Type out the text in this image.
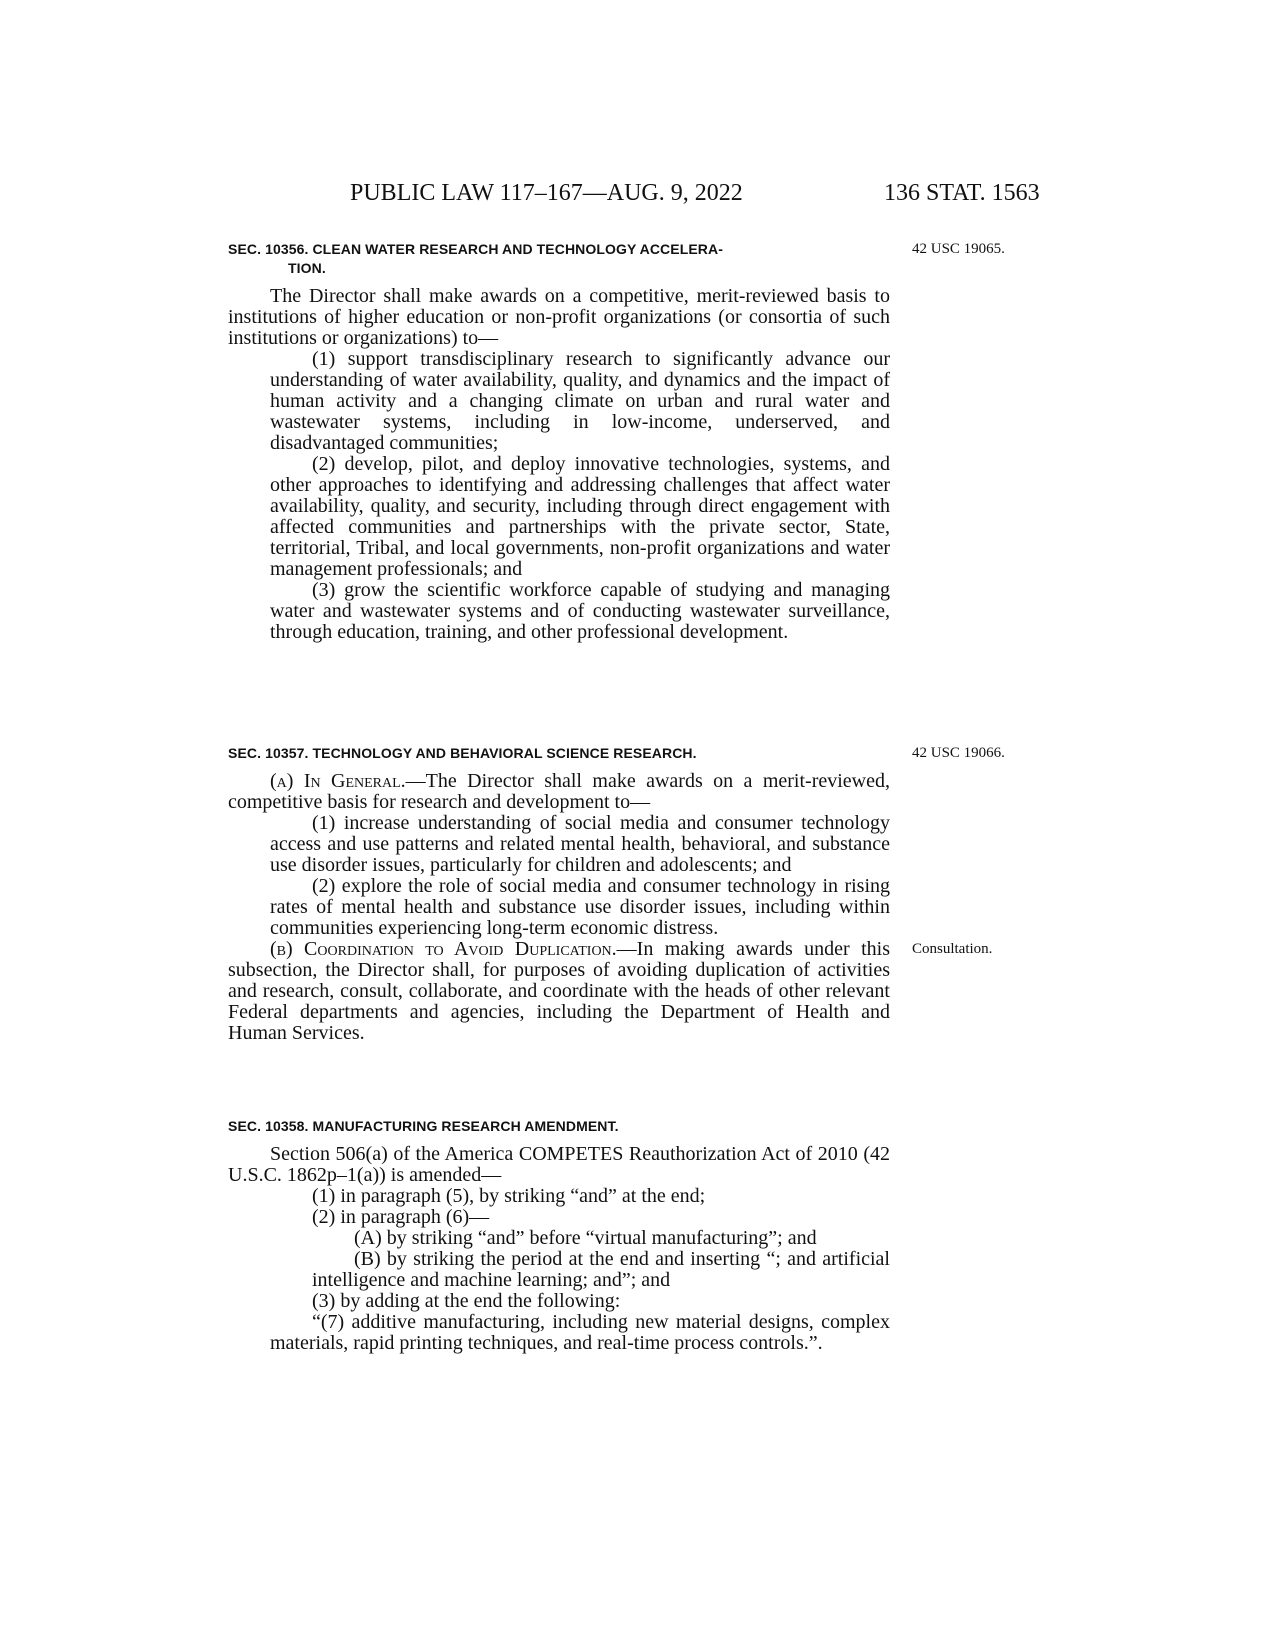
PUBLIC LAW 117–167—AUG. 9, 2022	136 STAT. 1563
SEC. 10356. CLEAN WATER RESEARCH AND TECHNOLOGY ACCELERA-
TION.

The Director shall make awards on a competitive, merit-reviewed basis to institutions of higher education or non-profit organizations (or consortia of such institutions or organizations) to—

(1) support transdisciplinary research to significantly advance our understanding of water availability, quality, and dynamics and the impact of human activity and a changing climate on urban and rural water and wastewater systems, including in low-income, underserved, and disadvantaged communities;

(2) develop, pilot, and deploy innovative technologies, systems, and other approaches to identifying and addressing challenges that affect water availability, quality, and security, including through direct engagement with affected communities and partnerships with the private sector, State, territorial, Tribal, and local governments, non-profit organizations and water management professionals; and

(3) grow the scientific workforce capable of studying and managing water and wastewater systems and of conducting wastewater surveillance, through education, training, and other professional development.

42 USC 19065.
SEC. 10357. TECHNOLOGY AND BEHAVIORAL SCIENCE RESEARCH.

(a) In General.—The Director shall make awards on a merit-reviewed, competitive basis for research and development to—

(1) increase understanding of social media and consumer technology access and use patterns and related mental health, behavioral, and substance use disorder issues, particularly for children and adolescents; and

(2) explore the role of social media and consumer technology in rising rates of mental health and substance use disorder issues, including within communities experiencing long-term economic distress.

(b) Coordination to Avoid Duplication.—In making awards under this subsection, the Director shall, for purposes of avoiding duplication of activities and research, consult, collaborate, and coordinate with the heads of other relevant Federal departments and agencies, including the Department of Health and Human Services.

42 USC 19066.
Consultation.
SEC. 10358. MANUFACTURING RESEARCH AMENDMENT.

Section 506(a) of the America COMPETES Reauthorization Act of 2010 (42 U.S.C. 1862p–1(a)) is amended—

(1) in paragraph (5), by striking “and” at the end;

(2) in paragraph (6)—

(A) by striking “and” before “virtual manufacturing”; and

(B) by striking the period at the end and inserting “; and artificial intelligence and machine learning; and”; and

(3) by adding at the end the following:

“(7) additive manufacturing, including new material designs, complex materials, rapid printing techniques, and real-time process controls.”.
